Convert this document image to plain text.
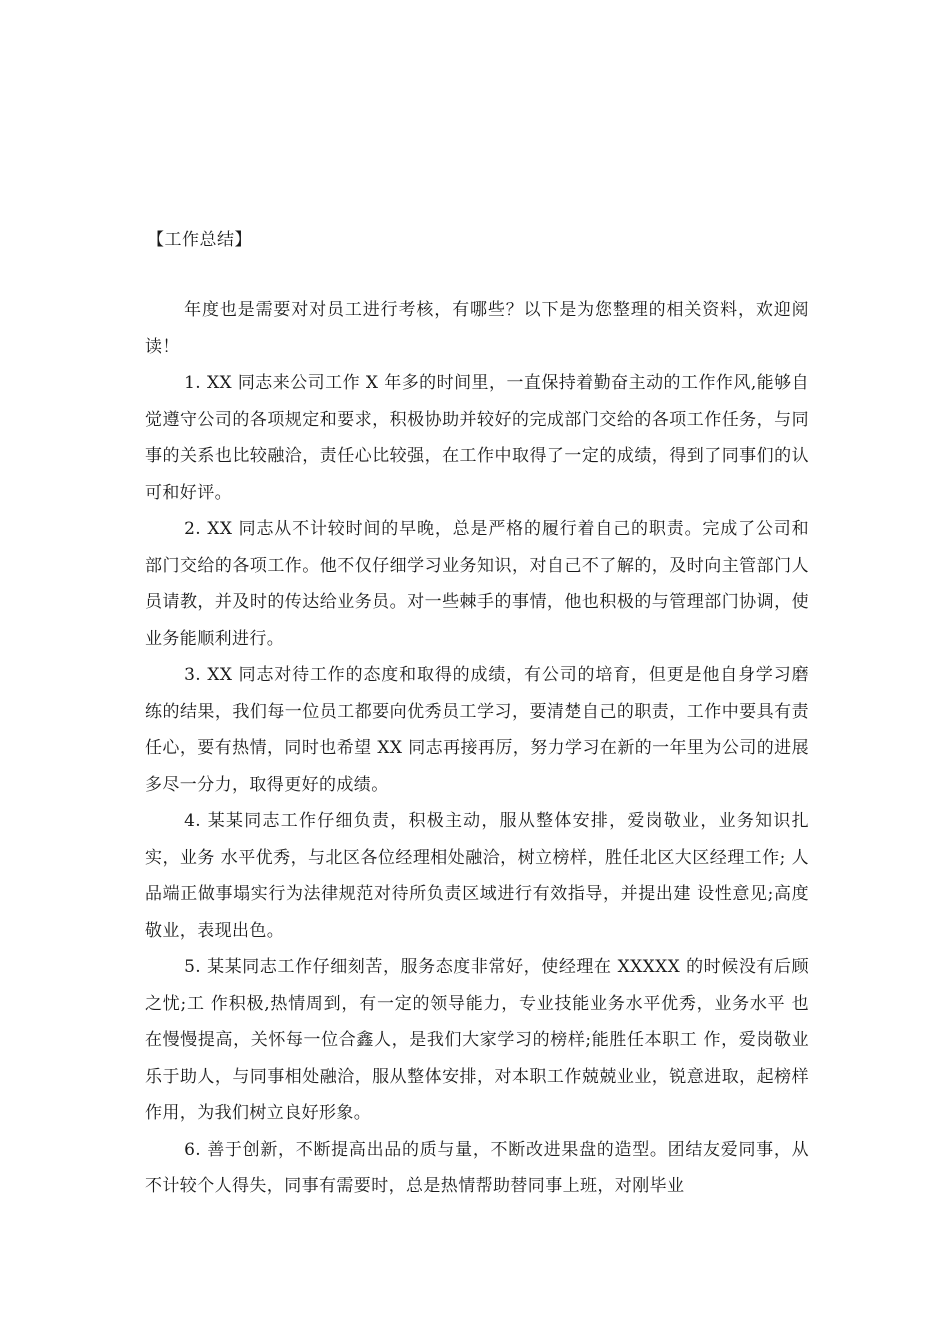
【工作总结】

年度也是需要对对员工进行考核，有哪些？以下是为您整理的相关资料，欢迎阅读！

1. XX 同志来公司工作 X 年多的时间里，一直保持着勤奋主动的工作作风,能够自觉遵守公司的各项规定和要求，积极协助并较好的完成部门交给的各项工作任务，与同事的关系也比较融洽，责任心比较强，在工作中取得了一定的成绩，得到了同事们的认可和好评。

2. XX 同志从不计较时间的早晚，总是严格的履行着自己的职责。完成了公司和部门交给的各项工作。他不仅仔细学习业务知识，对自己不了解的，及时向主管部门人员请教，并及时的传达给业务员。对一些棘手的事情，他也积极的与管理部门协调，使业务能顺利进行。

3. XX 同志对待工作的态度和取得的成绩，有公司的培育，但更是他自身学习磨练的结果，我们每一位员工都要向优秀员工学习，要清楚自己的职责，工作中要具有责任心，要有热情，同时也希望 XX 同志再接再厉，努力学习在新的一年里为公司的进展多尽一分力，取得更好的成绩。

4. 某某同志工作仔细负责，积极主动，服从整体安排，爱岗敬业，业务知识扎实，业务 水平优秀，与北区各位经理相处融洽，树立榜样，胜任北区大区经理工作; 人品端正做事塌实行为法律规范对待所负责区域进行有效指导，并提出建 设性意见;高度敬业，表现出色。

5. 某某同志工作仔细刻苦，服务态度非常好，使经理在 XXXXX 的时候没有后顾之忧;工 作积极,热情周到，有一定的领导能力，专业技能业务水平优秀，业务水平 也在慢慢提高，关怀每一位合鑫人，是我们大家学习的榜样;能胜任本职工 作，爱岗敬业乐于助人，与同事相处融洽，服从整体安排，对本职工作兢兢业业，锐意进取，起榜样作用，为我们树立良好形象。

6. 善于创新，不断提高出品的质与量，不断改进果盘的造型。团结友爱同事，从不计较个人得失，同事有需要时，总是热情帮助替同事上班，对刚毕业
